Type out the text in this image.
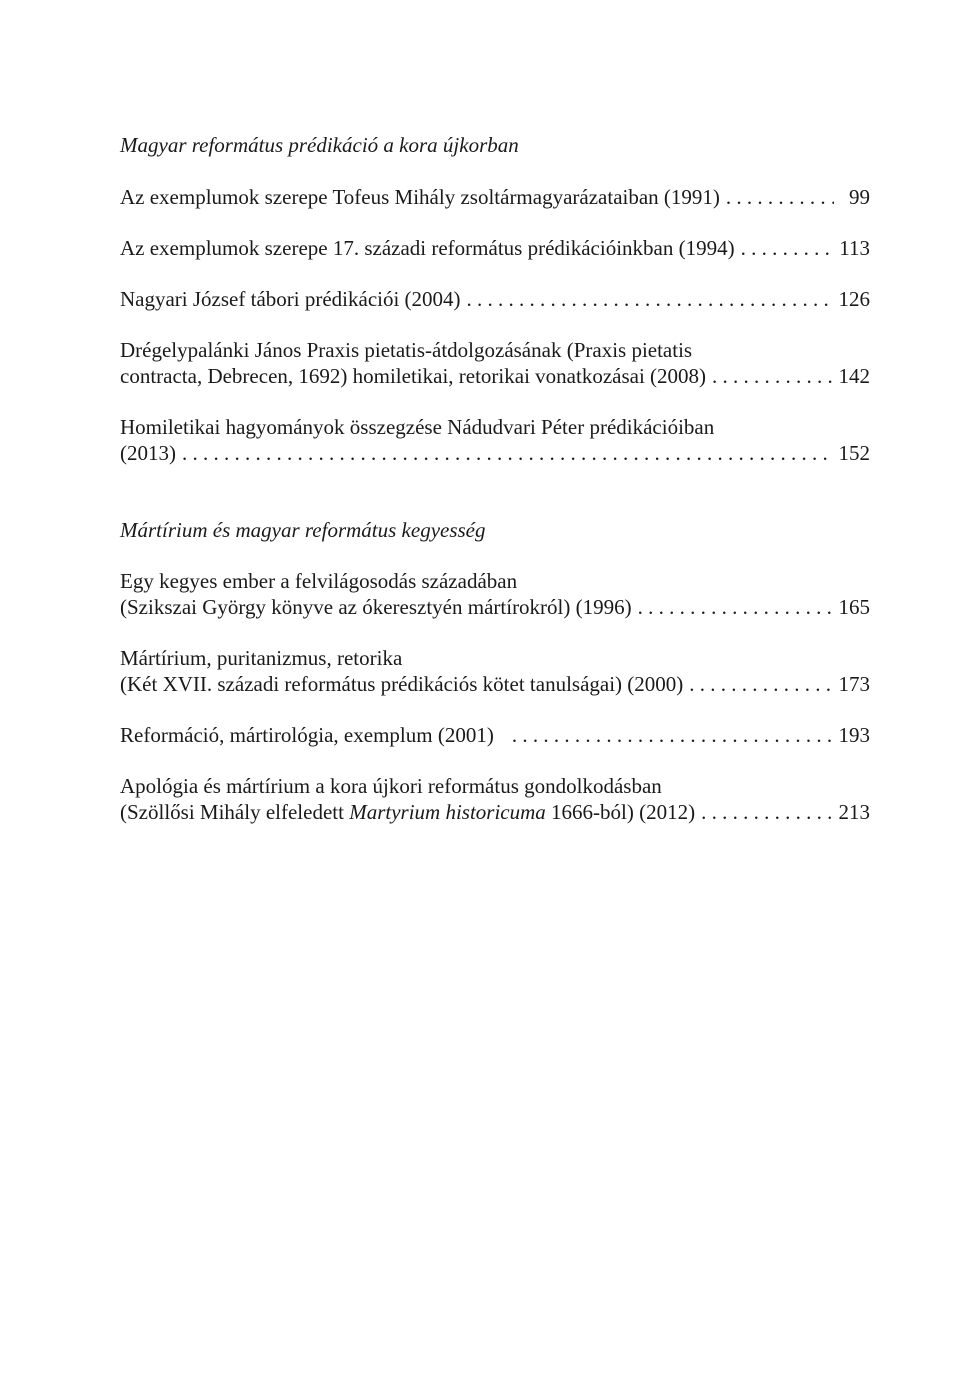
Magyar református prédikáció a kora újkorban

Az exemplumok szerepe Tofeus Mihály zsoltármagyarázataiban (1991) . . .	99
Az exemplumok szerepe 17. századi református prédikációinkban (1994) . . .	113
Nagyari József tábori prédikációi (2004) . . .	126
Drégelypalánki János Praxis pietatis-átdolgozásának (Praxis pietatis
contracta, Debrecen, 1692) homiletikai, retorikai vonatkozásai (2008) . . .	142
Homiletikai hagyományok összegzése Nádudvari Péter prédikációiban
(2013) . . .	152

Mártírium és magyar református kegyesség

Egy kegyes ember a felvilágosodás századában
(Szikszai György könyve az ókeresztyén mártírokról) (1996) . . .	165
Mártírium, puritanizmus, retorika
(Két XVII. századi református prédikációs kötet tanulságai) (2000) . . .	173
Reformáció, mártirológia, exemplum (2001) . . .	193
Apológia és mártírium a kora újkori református gondolkodásban
(Szöllősi Mihály elfeledett Martyrium historicuma 1666-ból) (2012) . . .	213
